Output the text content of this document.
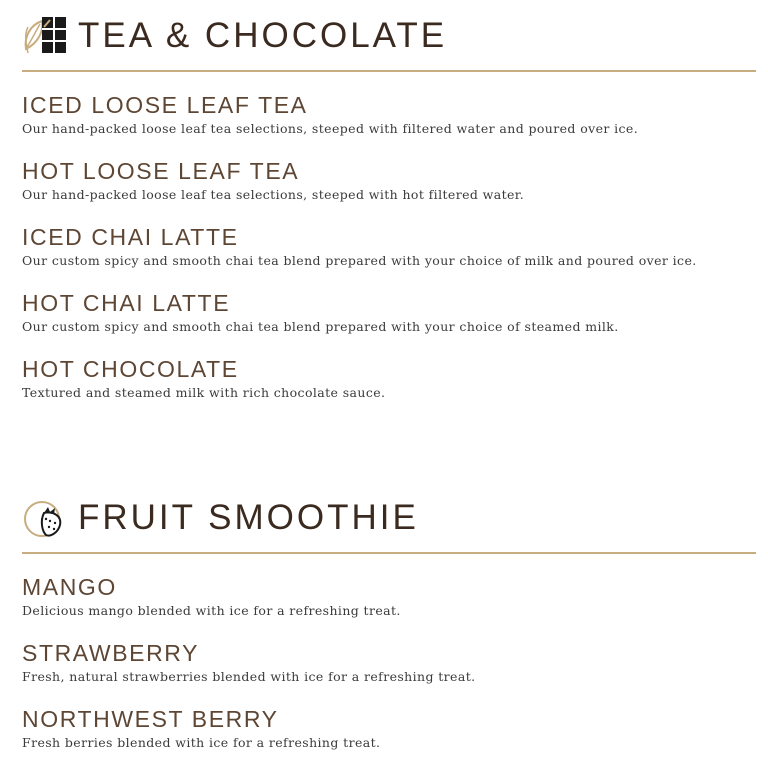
TEA & CHOCOLATE
ICED LOOSE LEAF TEA
Our hand-packed loose leaf tea selections, steeped with filtered water and poured over ice.
HOT LOOSE LEAF TEA
Our hand-packed loose leaf tea selections, steeped with hot filtered water.
ICED CHAI LATTE
Our custom spicy and smooth chai tea blend prepared with your choice of milk and poured over ice.
HOT CHAI LATTE
Our custom spicy and smooth chai tea blend prepared with your choice of steamed milk.
HOT CHOCOLATE
Textured and steamed milk with rich chocolate sauce.
FRUIT SMOOTHIE
MANGO
Delicious mango blended with ice for a refreshing treat.
STRAWBERRY
Fresh, natural strawberries blended with ice for a refreshing treat.
NORTHWEST BERRY
Fresh berries blended with ice for a refreshing treat.
